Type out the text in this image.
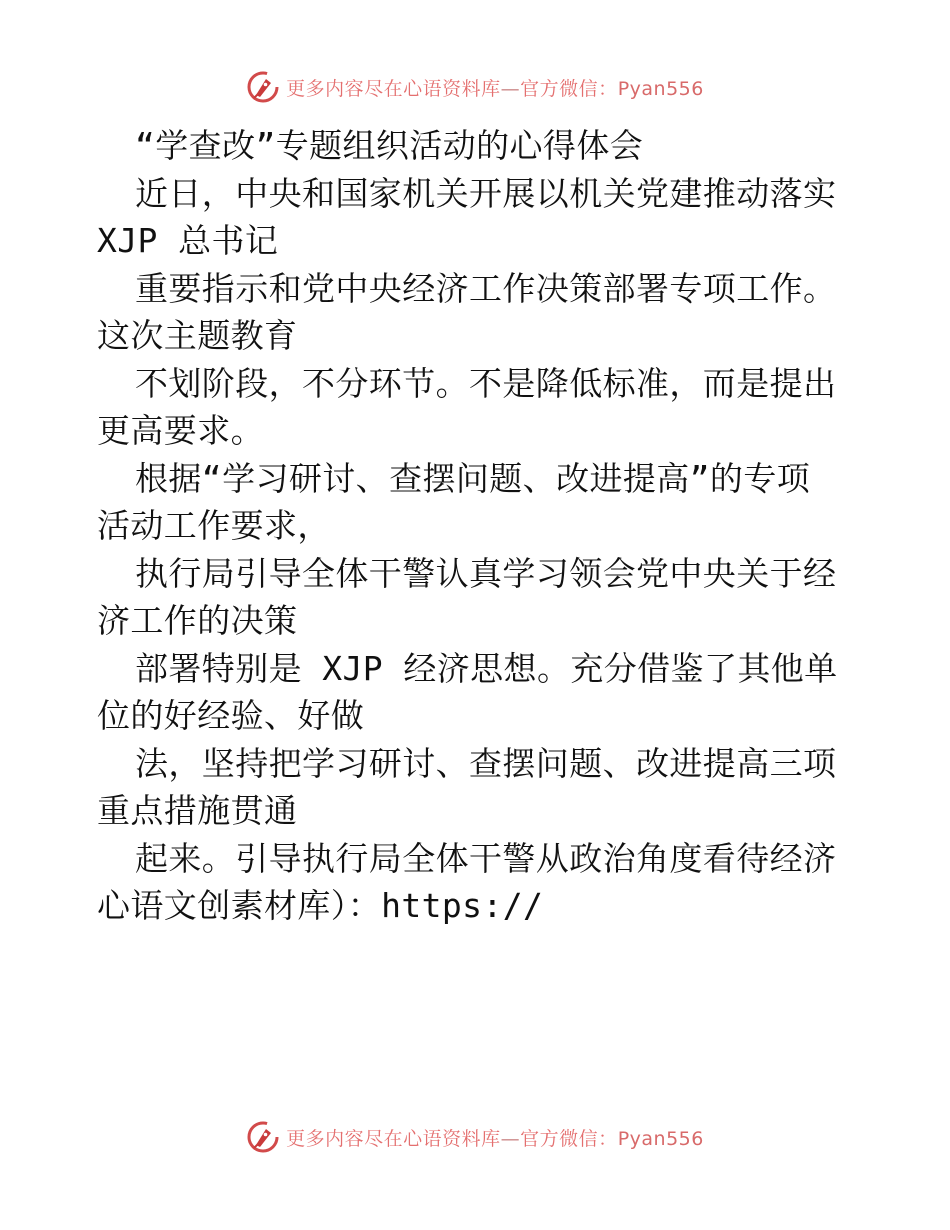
更多内容尽在心语资料库—官方微信：Pyan556
“学查改”专题组织活动的心得体会
近日，中央和国家机关开展以机关党建推动落实
XJP 总书记
重要指示和党中央经济工作决策部署专项工作。
这次主题教育
不划阶段，不分环节。不是降低标准，而是提出
更高要求。
根据“学习研讨、查摆问题、改进提高”的专项
活动工作要求，
执行局引导全体干警认真学习领会党中央关于经
济工作的决策
部署特别是 XJP 经济思想。充分借鉴了其他单
位的好经验、好做
法，坚持把学习研讨、查摆问题、改进提高三项
重点措施贯通
起来。引导执行局全体干警从政治角度看待经济
心语文创素材库）：https://
更多内容尽在心语资料库—官方微信：Pyan556
